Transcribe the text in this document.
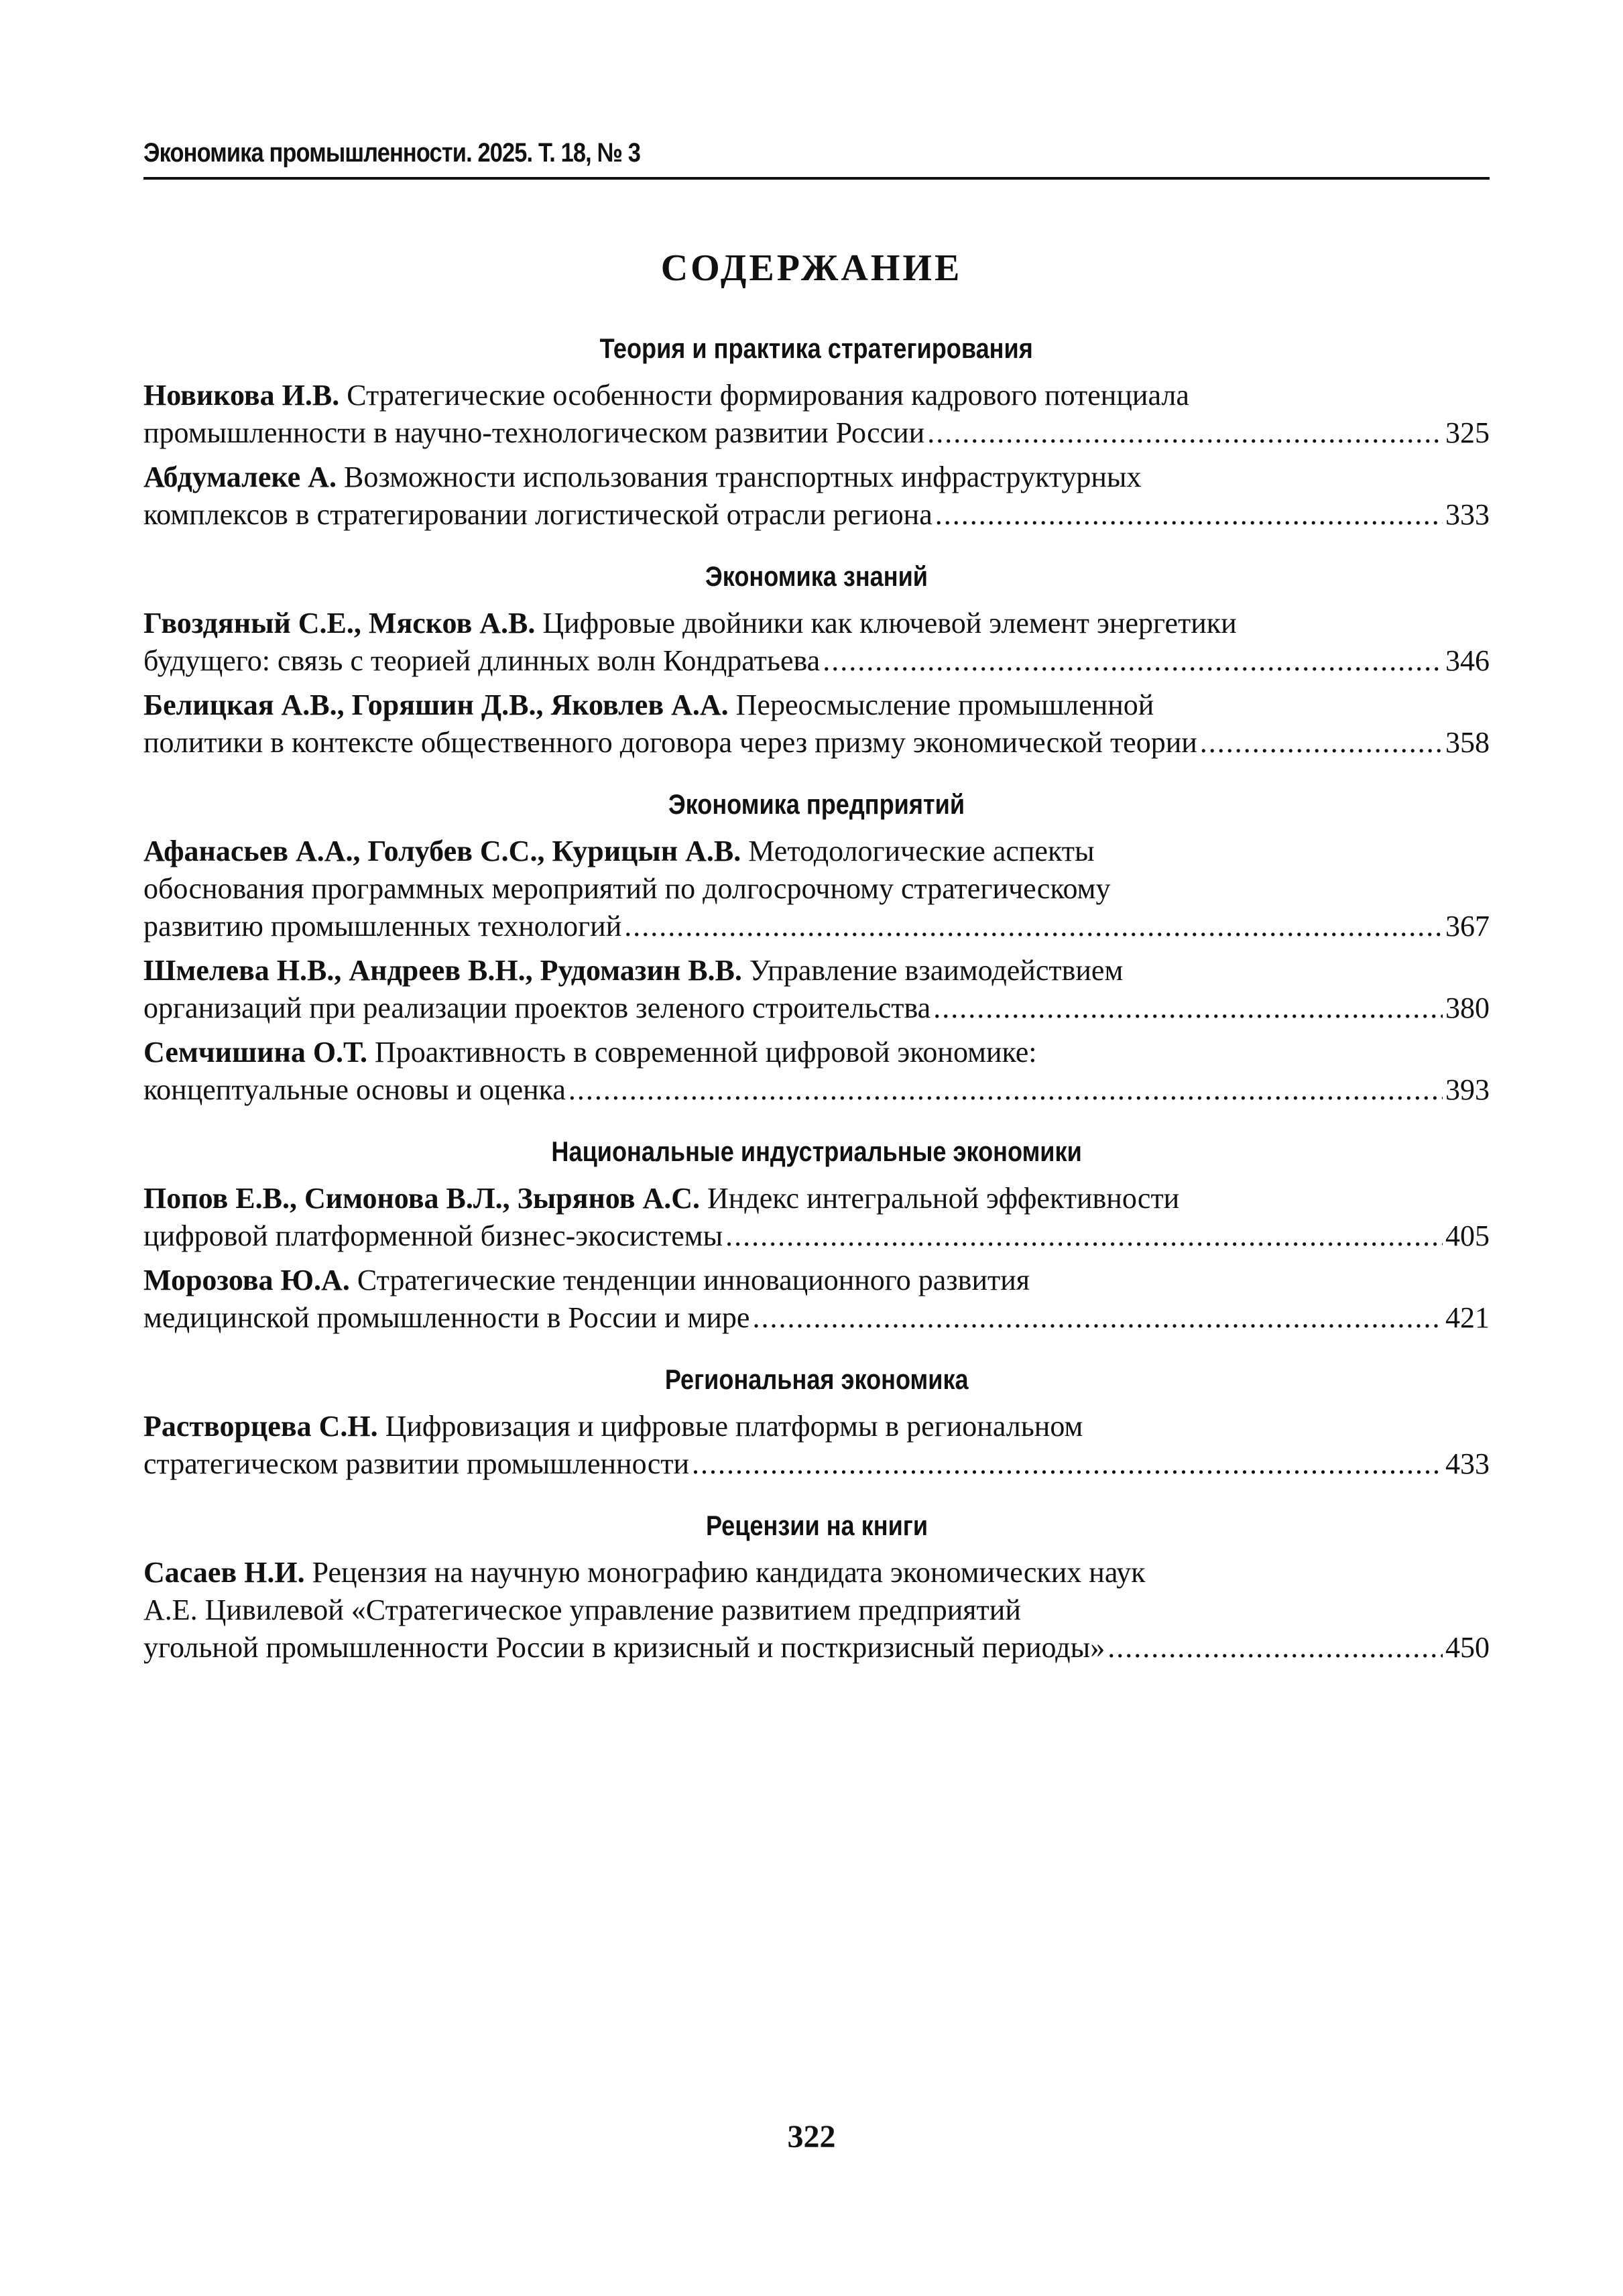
Экономика промышленности. 2025. Т. 18, № 3
СОДЕРЖАНИЕ
Теория и практика стратегирования
Новикова И.В. Стратегические особенности формирования кадрового потенциала
промышленности в научно-технологическом развитии России .....	325
Абдумалеке А. Возможности использования транспортных инфраструктурных
комплексов в стратегировании логистической отрасли региона .....	333
Экономика знаний
Гвоздяный С.Е., Мясков А.В. Цифровые двойники как ключевой элемент энергетики
будущего: связь с теорией длинных волн Кондратьева .....	346
Белицкая А.В., Горяшин Д.В., Яковлев А.А. Переосмысление промышленной
политики в контексте общественного договора через призму экономической теории .....	358
Экономика предприятий
Афанасьев А.А., Голубев С.С., Курицын А.В. Методологические аспекты
обоснования программных мероприятий по долгосрочному стратегическому
развитию промышленных технологий .....	367
Шмелева Н.В., Андреев В.Н., Рудомазин В.В. Управление взаимодействием
организаций при реализации проектов зеленого строительства .....	380
Семчишина О.Т. Проактивность в современной цифровой экономике:
концептуальные основы и оценка .....	393
Национальные индустриальные экономики
Попов Е.В., Симонова В.Л., Зырянов А.С. Индекс интегральной эффективности
цифровой платформенной бизнес-экосистемы .....	405
Морозова Ю.А. Стратегические тенденции инновационного развития
медицинской промышленности в России и мире .....	421
Региональная экономика
Растворцева С.Н. Цифровизация и цифровые платформы в региональном
стратегическом развитии промышленности .....	433
Рецензии на книги
Сасаев Н.И. Рецензия на научную монографию кандидата экономических наук
А.Е. Цивилевой «Стратегическое управление развитием предприятий
угольной промышленности России в кризисный и посткризисный периоды» .....	450
322
